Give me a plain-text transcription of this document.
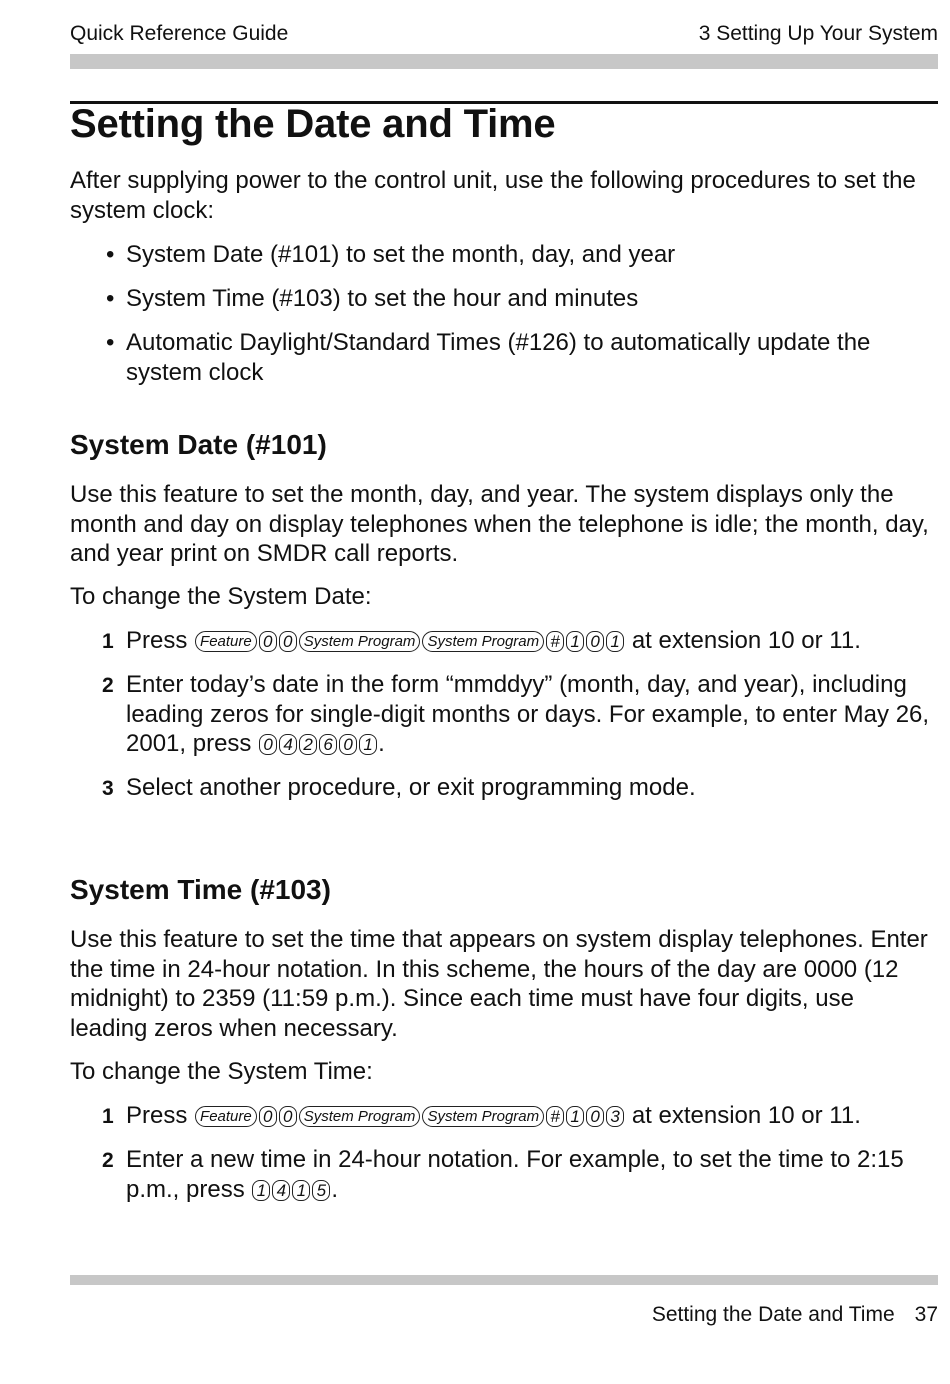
Quick Reference Guide	3 Setting Up Your System
Setting the Date and Time

After supplying power to the control unit, use the following procedures to set the system clock:

• System Date (#101) to set the month, day, and year
• System Time (#103) to set the hour and minutes
• Automatic Daylight/Standard Times (#126) to automatically update the system clock
System Date (#101)

Use this feature to set the month, day, and year. The system displays only the month and day on display telephones when the telephone is idle; the month, day, and year print on SMDR call reports.

To change the System Date:

1 Press Feature 0 0 System Program System Program # 1 0 1 at extension 10 or 11.
2 Enter today’s date in the form “mmddyy” (month, day, and year), including leading zeros for single-digit months or days. For example, to enter May 26, 2001, press 0 4 2 6 0 1 .
3 Select another procedure, or exit programming mode.
System Time (#103)

Use this feature to set the time that appears on system display telephones. Enter the time in 24-hour notation. In this scheme, the hours of the day are 0000 (12 midnight) to 2359 (11:59 p.m.). Since each time must have four digits, use leading zeros when necessary.

To change the System Time:

1 Press Feature 0 0 System Program System Program # 1 0 3 at extension 10 or 11.
2 Enter a new time in 24-hour notation. For example, to set the time to 2:15 p.m., press 1 4 1 5 .
Setting the Date and Time 37
